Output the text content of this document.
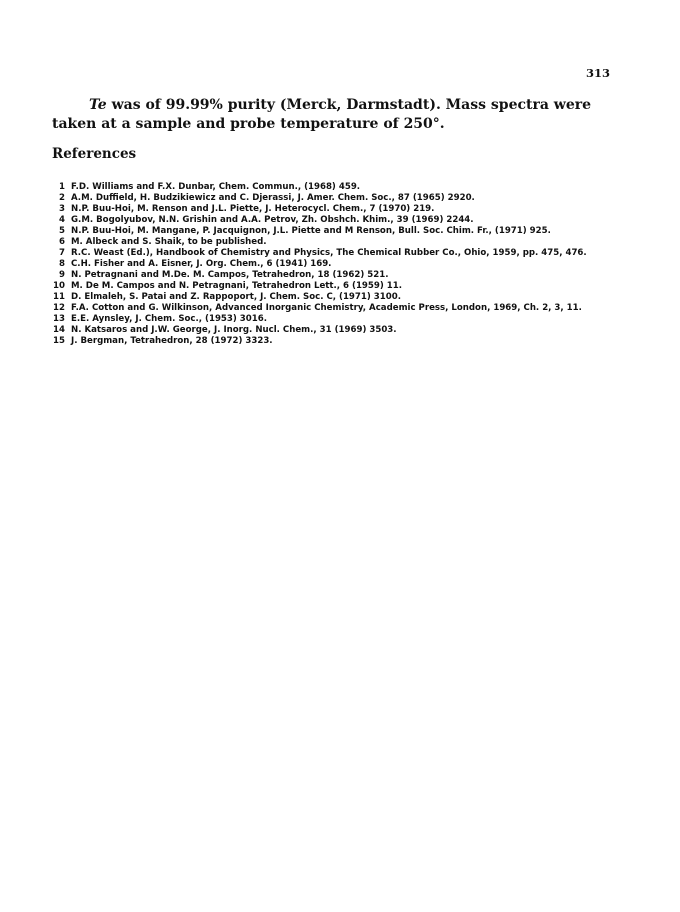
313

Te was of 99.99% purity (Merck, Darmstadt). Mass spectra were taken at a sample and probe temperature of 250°.

References
1 F.D. Williams and F.X. Dunbar, Chem. Commun., (1968) 459.
2 A.M. Duffield, H. Budzikiewicz and C. Djerassi, J. Amer. Chem. Soc., 87 (1965) 2920.
3 N.P. Buu-Hoi, M. Renson and J.L. Piette, J. Heterocycl. Chem., 7 (1970) 219.
4 G.M. Bogolyubov, N.N. Grishin and A.A. Petrov, Zh. Obshch. Khim., 39 (1969) 2244.
5 N.P. Buu-Hoi, M. Mangane, P. Jacquignon, J.L. Piette and M Renson, Bull. Soc. Chim. Fr., (1971) 925.
6 M. Albeck and S. Shaik, to be published.
7 R.C. Weast (Ed.), Handbook of Chemistry and Physics, The Chemical Rubber Co., Ohio, 1959, pp. 475, 476.
8 C.H. Fisher and A. Eisner, J. Org. Chem., 6 (1941) 169.
9 N. Petragnani and M.De. M. Campos, Tetrahedron, 18 (1962) 521.
10 M. De M. Campos and N. Petragnani, Tetrahedron Lett., 6 (1959) 11.
11 D. Elmaleh, S. Patai and Z. Rappoport, J. Chem. Soc. C, (1971) 3100.
12 F.A. Cotton and G. Wilkinson, Advanced Inorganic Chemistry, Academic Press, London, 1969, Ch. 2, 3, 11.
13 E.E. Aynsley, J. Chem. Soc., (1953) 3016.
14 N. Katsaros and J.W. George, J. Inorg. Nucl. Chem., 31 (1969) 3503.
15 J. Bergman, Tetrahedron, 28 (1972) 3323.
